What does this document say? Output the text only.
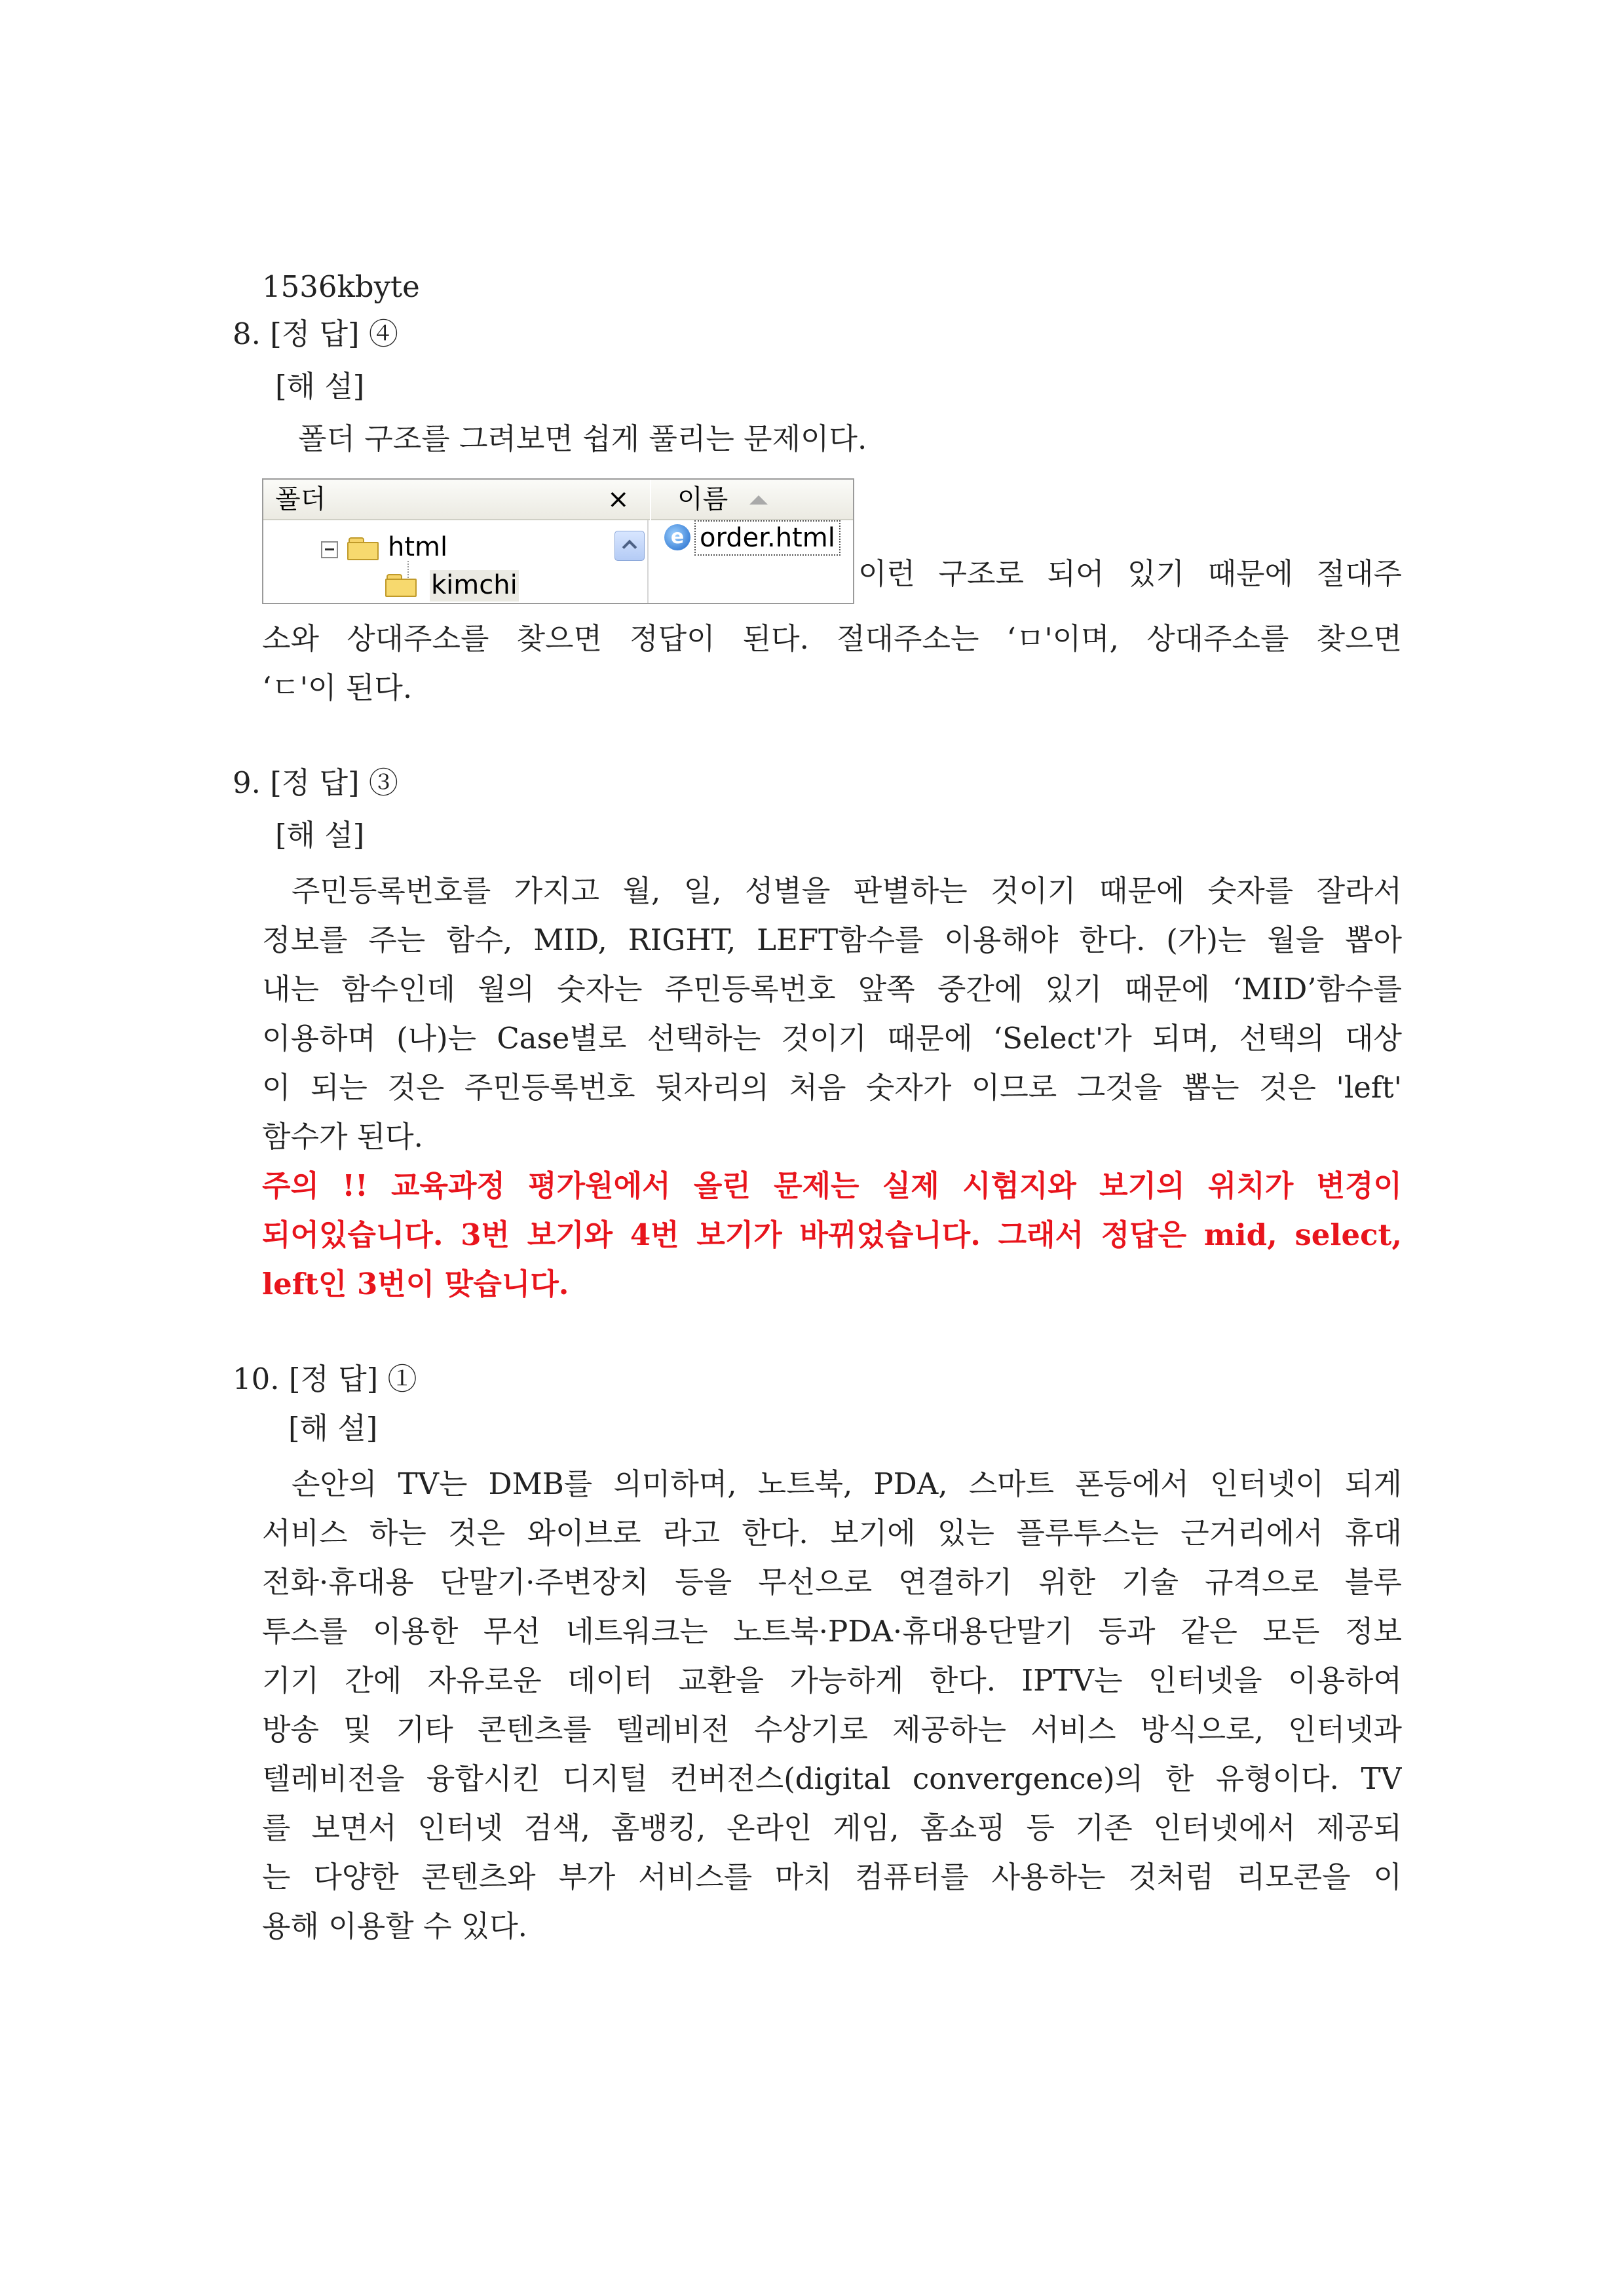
1536kbyte

8. [정 답] ④

[해 설]

폴더 구조를 그려보면 쉽게 풀리는 문제이다.

폴더	×
html
kimchi
이름
e order.html

이런 구조로 되어 있기 때문에 절대주

소와 상대주소를 찾으면 정답이 된다. 절대주소는 ‘ㅁ'이며, 상대주소를 찾으면

‘ㄷ'이 된다.

9. [정 답] ③

[해 설]

주민등록번호를 가지고 월, 일, 성별을 판별하는 것이기 때문에 숫자를 잘라서

정보를 주는 함수, MID, RIGHT, LEFT함수를 이용해야 한다. (가)는 월을 뽑아

내는 함수인데 월의 숫자는 주민등록번호 앞쪽 중간에 있기 때문에 ‘MID’함수를

이용하며 (나)는 Case별로 선택하는 것이기 때문에 ‘Select'가 되며, 선택의 대상

이 되는 것은 주민등록번호 뒷자리의 처음 숫자가 이므로 그것을 뽑는 것은 'left'

함수가 된다.

주의 !! 교육과정 평가원에서 올린 문제는 실제 시험지와 보기의 위치가 변경이

되어있습니다. 3번 보기와 4번 보기가 바뀌었습니다. 그래서 정답은 mid, select,

left인 3번이 맞습니다.

10. [정 답] ①

[해 설]

손안의 TV는 DMB를 의미하며, 노트북, PDA, 스마트 폰등에서 인터넷이 되게

서비스 하는 것은 와이브로 라고 한다. 보기에 있는 플루투스는 근거리에서 휴대

전화·휴대용 단말기·주변장치 등을 무선으로 연결하기 위한 기술 규격으로 블루

투스를 이용한 무선 네트워크는 노트북·PDA·휴대용단말기 등과 같은 모든 정보

기기 간에 자유로운 데이터 교환을 가능하게 한다. IPTV는 인터넷을 이용하여

방송 및 기타 콘텐츠를 텔레비전 수상기로 제공하는 서비스 방식으로, 인터넷과

텔레비전을 융합시킨 디지털 컨버전스(digital convergence)의 한 유형이다. TV

를 보면서 인터넷 검색, 홈뱅킹, 온라인 게임, 홈쇼핑 등 기존 인터넷에서 제공되

는 다양한 콘텐츠와 부가 서비스를 마치 컴퓨터를 사용하는 것처럼 리모콘을 이

용해 이용할 수 있다.
